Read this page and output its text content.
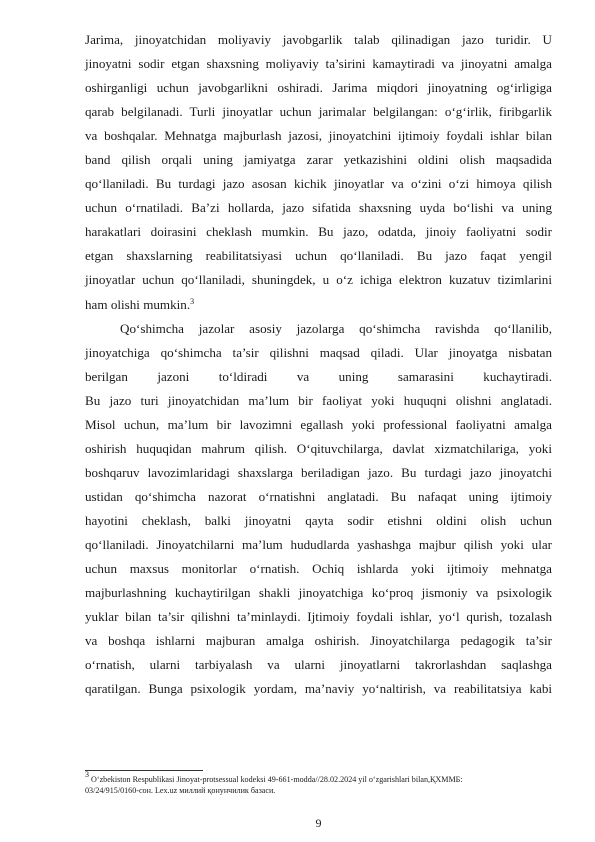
Jarima, jinoyatchidan moliyaviy javobgarlik talab qilinadigan jazo turidir. U
jinoyatni sodir etgan shaxsning moliyaviy ta’sirini kamaytiradi va jinoyatni amalga
oshirganligi uchun javobgarlikni oshiradi. Jarima miqdori jinoyatning og‘irligiga
qarab belgilanadi. Turli jinoyatlar uchun jarimalar belgilangan: o‘g‘irlik, firibgarlik
va boshqalar. Mehnatga majburlash jazosi, jinoyatchini ijtimoiy foydali ishlar bilan
band qilish orqali uning jamiyatga zarar yetkazishini oldini olish maqsadida
qo‘llaniladi. Bu turdagi jazo asosan kichik jinoyatlar va o‘zini o‘zi himoya qilish
uchun o‘rnatiladi. Ba’zi hollarda, jazo sifatida shaxsning uyda bo‘lishi va uning
harakatlari doirasini cheklash mumkin. Bu jazo, odatda, jinoiy faoliyatni sodir
etgan shaxslarning reabilitatsiyasi uchun qo‘llaniladi. Bu jazo faqat yengil
jinoyatlar uchun qo‘llaniladi, shuningdek, u o‘z ichiga elektron kuzatuv tizimlarini
ham olishi mumkin.$^3$
Qo‘shimcha jazolar asosiy jazolarga qo‘shimcha ravishda qo‘llanilib,
jinoyatchiga qo‘shimcha ta’sir qilishni maqsad qiladi. Ular jinoyatga nisbatan
berilgan jazoni to‘ldiradi va uning samarasini kuchaytiradi.
Bu jazo turi jinoyatchidan ma’lum bir faoliyat yoki huquqni olishni anglatadi.
Misol uchun, ma’lum bir lavozimni egallash yoki professional faoliyatni amalga
oshirish huquqidan mahrum qilish. O‘qituvchilarga, davlat xizmatchilariga, yoki
boshqaruv lavozimlaridagi shaxslarga beriladigan jazo. Bu turdagi jazo jinoyatchi
ustidan qo‘shimcha nazorat o‘rnatishni anglatadi. Bu nafaqat uning ijtimoiy
hayotini cheklash, balki jinoyatni qayta sodir etishni oldini olish uchun
qo‘llaniladi. Jinoyatchilarni ma’lum hududlarda yashashga majbur qilish yoki ular
uchun maxsus monitorlar o‘rnatish. Ochiq ishlarda yoki ijtimoiy mehnatga
majburlashning kuchaytirilgan shakli jinoyatchiga ko‘proq jismoniy va psixologik
yuklar bilan ta’sir qilishni ta’minlaydi. Ijtimoiy foydali ishlar, yo‘l qurish, tozalash
va boshqa ishlarni majburan amalga oshirish. Jinoyatchilarga pedagogik ta’sir
o‘rnatish, ularni tarbiyalash va ularni jinoyatlarni takrorlashdan saqlashga
qaratilgan. Bunga psixologik yordam, ma’naviy yo‘naltirish, va reabilitatsiya kabi
$^3$ O‘zbekiston Respublikasi Jinoyat-protsessual kodeksi 49-661-modda//28.02.2024 yil o‘zgarishlari bilan,ҚХММБ:
03/24/915/0160-сон. Lex.uz миллий қонунчилик базаси.
9
